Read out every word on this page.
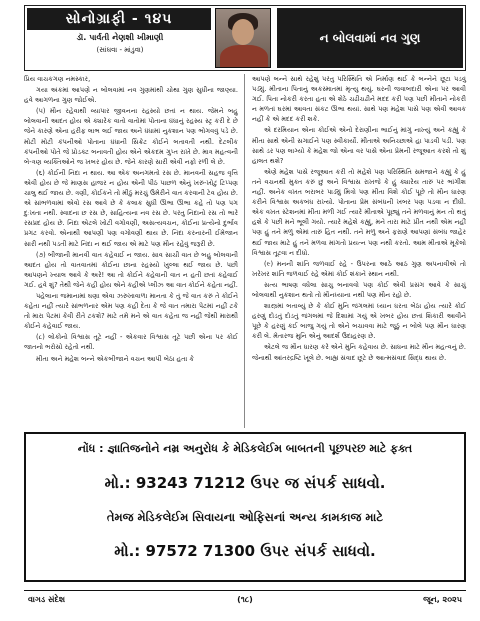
સોનોગ્રાફી - ૧૪૫
ડૉ. પાર્વતી નેણશી ખીમાણી
(સાંઘવા - માંડુવા)
ન બોલવામાં નવ ગુણ

પ્રિય વાચકગણ નમસ્કાર,

ગયા અંકમાં આપણે ન બોલવામાં નવ ગુણમાંથી ચોથા ગુણ સુધીના જાણ્યા. હવે આગળના ગુણ જોઈએ.

(૫) મૌન રહેવાથી વ્યાપાર જીવનના રહસ્યો છતાં ન થાય. જેમને બહુ બોલવાની આદત હોય એ ક્યારેક વાતો વાતોમાં પોતાના ધંધાનું રહસ્ય સ્ટ્ર કરી દે છે જેને કારણે એના હરીફ લાભ લઈ જાય અને ધંધામાં નુકશાન પણ ભોગવવું પડે છે. મોટી મોટી કંપનીઓ પોતાના ધંધાની સિક્રેટ કોઈને બતાવતી નથી. દેટલીક કંપનીઓ પોતે જે પ્રોડક્ટ બનાવતી હોય એને એકદમ ગુપ્ત રાખે છે. માત્ર મહત્વની બે-ત્રણ વ્યક્તિઓને જ ખબર હોય છે. જેને કારણે સારી એવી નફો રળી લે છે.

(૬) કોઈની નિંદા ન થાય. આ એક અનગમતો રસ છે. માનવની સહજ વૃત્તિ એવી હોય છે જે માણસ હાજર ન હોય એની પીઠ પાછળ એનું ખરું-ખોટું ટિપ્પણ ચાલુ થઈ જાય છે. ત્રણી, કોઈકને તો મીઠું મરચું ઉમેરીને વાત કરવાની ટેવ હોય છે. એ સાંભળવામાં એવો રસ આવે છે કે કલાક સુધી ઊભા ઊભા કહે તો પણ પગ દુઃખતા નથી. સ્વાદના છ રસ છે, સાહિત્યના નવ રસ છે. પરંતુ નિંદાનો રસ તો ભારે રસપ્રદ હોય છે. નિંદા એટલે ખોટી વગોવણી, અસત્યવચન, કોઈના પ્રત્યેનો દુર્ભાવ પ્રગટ કરવો. એનાથી આપણી પણ વગોવણી થાય છે. નિંદા કરનારની ઈમેજાન સારી નથી પડતી માટે નિંદા ન થઈ જાય એ માટે પણ મૌન રહેવું જરૂરી છે.

(૭) બીજાની માનવી વાત કહેવાઈ ન જાય. સાવ સાચી વાત છે બહુ બોલવાની આદત હોય તો વાતવાતમાં કોઈના છાના રહસ્યો ખુલ્લા થઈ જાય છે. પછી આપણને ખ્યાલ આવે કે અરે! આ તો કોઈને કહેવાની વાત ન હતી છતાં કહેવાઈ ગઈ. હવે શું? તેથી જેને કહી હોય એને કહીએ પ્લીઝ આ વાત કોઈને કહેતા નહીં.

પહેલાના જમાનામાં ઘણા એવા ઝરુખાવાળા માનતા કે તું જે વાત કરું તે કોઈને કહેતા નહીં ત્યારે સાંભળનાર એમ પણ કહી દેતા કે જે વાત તમારા પેટમાં નહીં ટકે તો મારા પેટમાં કેવી રીતે ટકશે? માટે તમે મને એ વાત કહેતા જ નહીં જેથી મારાથી કોઈને કહેવાઈ જાય.

(૮) લોકોનો વિશ્વાસ તૂટે નહીં - એકવાર વિશ્વાસ તૂટે પછી એના પર કોઈ જાતનો ભરોસો રહેતો નથી.

મીતા અને મહેશ બન્ને એકબીજાને વચન આપી બેઠા હતા કે

આપણે બન્ને સાથે રહેશું પરંતુ પરિસ્થિતિ એ નિર્માણ થઈ કે બન્નેને છૂટા પડવું પડ્યું. મીતાના પિતાનું અકસ્માતમાં મૃત્યુ થયું. ઘરની જવાબદારી એના પર આવી ગઈ. પિતા નોકરી કરતા હતા એ શેઠે ચઢીચઢીને મદદ કરી પણ પછી મીતાને નોકરી ન મળતાં ઘરમાં આવતા સંકટ ઊભા થયાં. સાથે પણ મહેશ પાસે પણ એવી આવક નહીં કે એ મદદ કરી શકે.

એ દરમિયાન એના કોઈએ એનો દેરાણીના ભાઈનું માંગું નાખ્યું અને કહ્યું કે મીતા સાથે એની સગાઈને પણ સ્વીકાર્યો. મીતાએ અનિચ્છાએ હા પાડવી પડી. પણ સાથે ડર પણ લાગ્યો કે મહેશ જો એના વર પાસે એના પ્રેમની રજૂઆત કરશે તો શું હાલત થશે?

એણે મહેશ પાસે રજૂઆત કરી તો મહેશે પણ પરિસ્થિતિ સમજાને કહ્યું કે હું તને વચનથી મુક્ત કરું છું અને વિશ્વાસ રાખજે કે હું ક્યારેય તારું પર ભાંગીશ નહીં. અનેક વખત બરાબર પાડ્યું મિત્રો પણ મીતા વિશે કોઈ પૂછે તો મૌન ધારણ કરીને વિશ્વાસ અકબંધ રાખ્યો. પોતાના પ્રેમ સંબંધની ખબર પણ પડવા ન દીધી. એક વખત સ્ટેશનમાં મીતા મળી ગઈ ત્યારે મીતાએ પૂછ્યું તને મળવાનું મન તો થતું હશે કે પછી મને ભૂલી ગયો. ત્યારે મહેશે કહ્યું, મને તારા માટે પ્રીત નથી એમ નહીં પણ હું તને મળું એમાં તારું હિત નથી. તને મળું અને ફરાણે આપણાં સંબંધ જાહેર થઈ જાય માટે હું તને મળવા માંગતો પ્રયત્ન પણ નથી કરતો. આમ મીતાએ મૂકેલો વિશ્વાસ તૂટવા ન દીધો.

(૯) મનની શાંતિ જળવાઈ રહે - ઉપરના આઠે આઠ ગુણ અપનાવીએ તો ખરેખર શાંતિ જળવાઈ રહે એમાં કોઈ શંકાને સ્થાન નથી.

સત્ય ભાષણ વધેલા સાચુ બનાવવો પણ કોઈ એવી પ્રસંગ આવે કે સાચું બોલવાથી નુકશાન થતો તો મૌનધ્યાના નથી પણ મૌન રહો છે.

શાસ્ત્રમાં બતાવ્યું છે કે કોઈ મુનિ જંગલમાં ધ્યાન ધરતા બેઠા હોય ત્યારે કોઈ હરણું દોડતું દોડતું જંગલમાં જે દિશામાં ગયું એ ખબર હોય છતાં શિકારી આવીને પૂછે કે હરણું કઈ બાજુ ગયું તો એને બચાવવા માટે જૂઠું ન બોલે પણ મૌન ધારણ કરી લે. મેતારજ મુનિ એનું આદર્શ ઉદાહરણ છે.

એટલે જ મૌન ધારણ કરે એને મુનિ કહેવાય છે. સાધના માટે મૌન મહત્વનું છે. જેનાથી આંતરદ્રષ્ટિ ખૂલે છે. બાહ્ય સંવાદ છૂટે છે આત્મસંવાદ સિદ્ધ થાય છે.

નોંધ : જ્ઞાતિજનોને નમ્ર અનુરોધ કે મેડિકલેઈમ બાબતની પૂછપરછ માટે ફક્ત
મો.: 93243 71212 ઉપર જ સંપર્ક સાધવો.
તેમજ મેડિકલેઈમ સિવાયના ઓફિસનાં અન્ય કામકાજ માટે
મો.: 97572 71300 ઉપર સંપર્ક સાધવો.
વાગડ સંદેશ	(૧૮)	જૂન, ૨૦૨૫
